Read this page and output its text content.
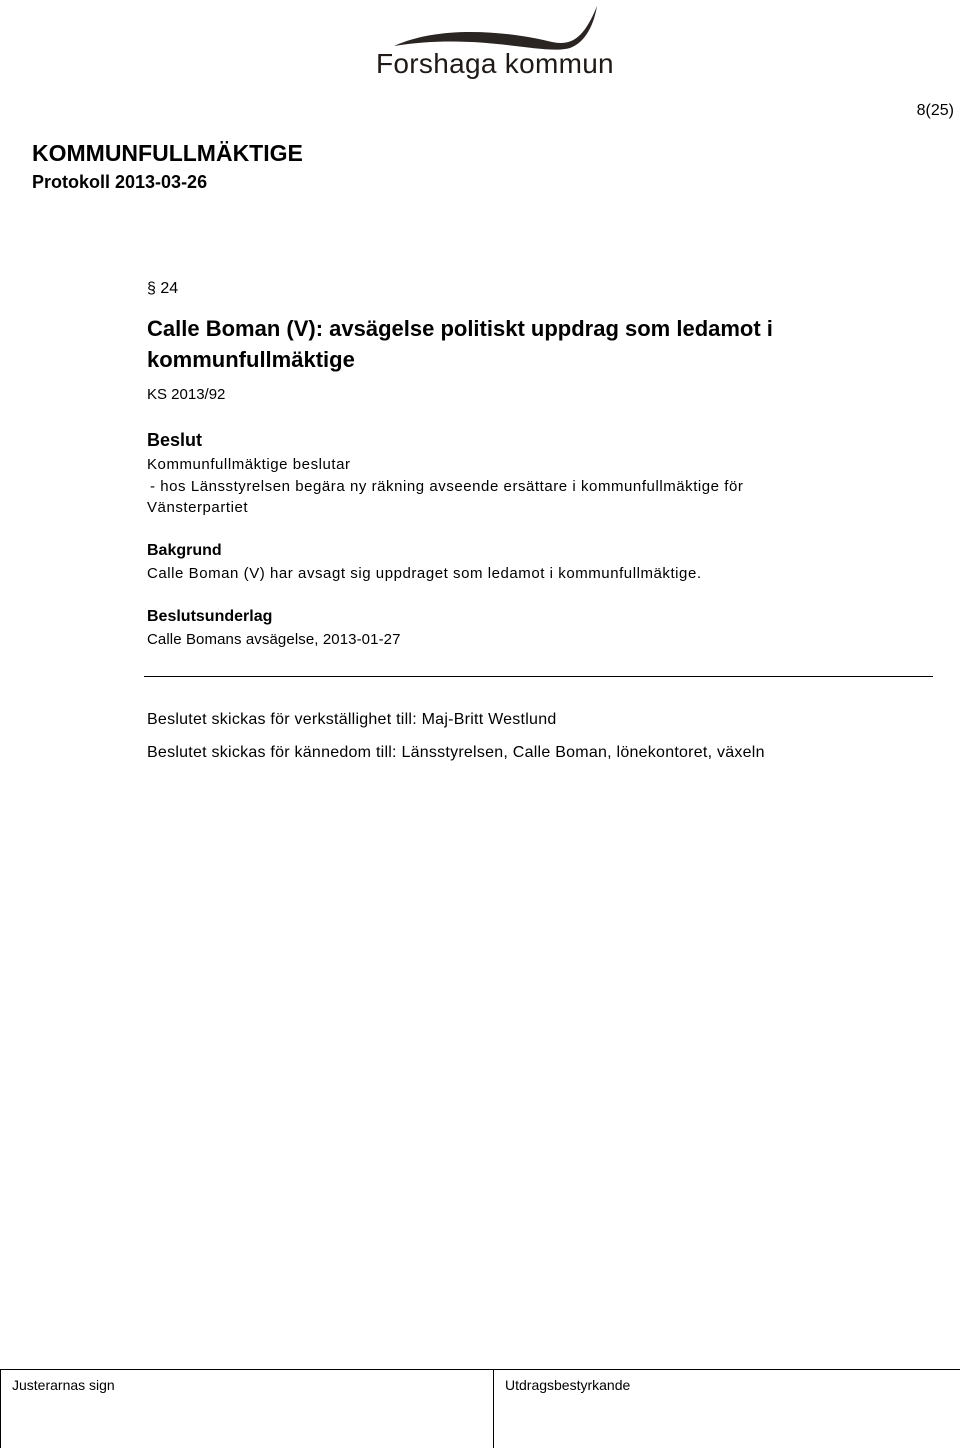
Forshaga kommun
8(25)
KOMMUNFULLMÄKTIGE
Protokoll 2013-03-26
§ 24
Calle Boman (V): avsägelse politiskt uppdrag som ledamot i kommunfullmäktige
KS 2013/92
Beslut
Kommunfullmäktige beslutar
- hos Länsstyrelsen begära ny räkning avseende ersättare i kommunfullmäktige för
Vänsterpartiet
Bakgrund
Calle Boman (V) har avsagt sig uppdraget som ledamot i kommunfullmäktige.
Beslutsunderlag
Calle Bomans avsägelse, 2013-01-27
Beslutet skickas för verkställighet till: Maj-Britt Westlund
Beslutet skickas för kännedom till: Länsstyrelsen, Calle Boman, lönekontoret, växeln
Justerarnas sign	Utdragsbestyrkande
